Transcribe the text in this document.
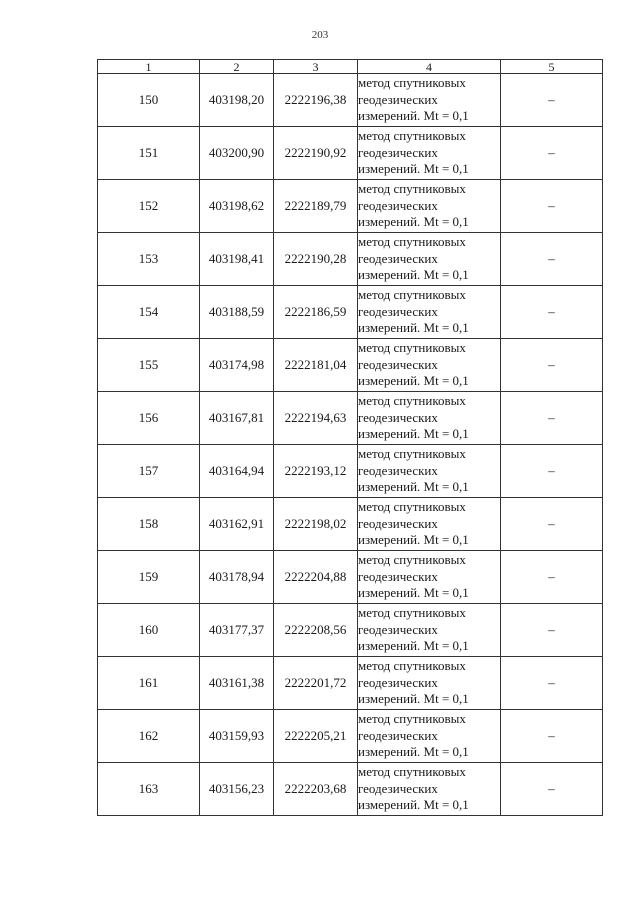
203
1	2	3	4	5
150	403198,20	2222196,38	метод спутниковых
геодезических
измерений. Mt = 0,1	–
151	403200,90	2222190,92	метод спутниковых
геодезических
измерений. Mt = 0,1	–
152	403198,62	2222189,79	метод спутниковых
геодезических
измерений. Mt = 0,1	–
153	403198,41	2222190,28	метод спутниковых
геодезических
измерений. Mt = 0,1	–
154	403188,59	2222186,59	метод спутниковых
геодезических
измерений. Mt = 0,1	–
155	403174,98	2222181,04	метод спутниковых
геодезических
измерений. Mt = 0,1	–
156	403167,81	2222194,63	метод спутниковых
геодезических
измерений. Mt = 0,1	–
157	403164,94	2222193,12	метод спутниковых
геодезических
измерений. Mt = 0,1	–
158	403162,91	2222198,02	метод спутниковых
геодезических
измерений. Mt = 0,1	–
159	403178,94	2222204,88	метод спутниковых
геодезических
измерений. Mt = 0,1	–
160	403177,37	2222208,56	метод спутниковых
геодезических
измерений. Mt = 0,1	–
161	403161,38	2222201,72	метод спутниковых
геодезических
измерений. Mt = 0,1	–
162	403159,93	2222205,21	метод спутниковых
геодезических
измерений. Mt = 0,1	–
163	403156,23	2222203,68	метод спутниковых
геодезических
измерений. Mt = 0,1	–
